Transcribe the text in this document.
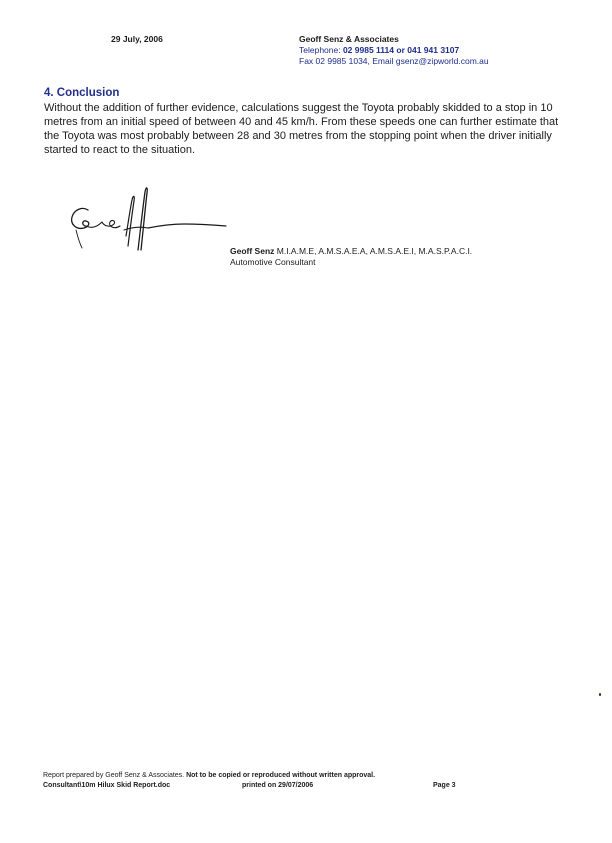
29 July, 2006	Geoff Senz & Associates
Telephone: 02 9985 1114 or 041 941 3107
Fax 02 9985 1034, Email gsenz@zipworld.com.au
4. Conclusion

Without the addition of further evidence, calculations suggest the Toyota probably skidded to a stop in 10 metres from an initial speed of between 40 and 45 km/h. From these speeds one can further estimate that the Toyota was most probably between 28 and 30 metres from the stopping point when the driver initially started to react to the situation.

Geoff Senz M.I.A.M.E, A.M.S.A.E.A, A.M.S.A.E.I, M.A.S.P.A.C.I.
Automotive Consultant
Report prepared by Geoff Senz & Associates. Not to be copied or reproduced without written approval.
Consultant\10m Hilux Skid Report.doc	printed on 29/07/2006	Page 3
